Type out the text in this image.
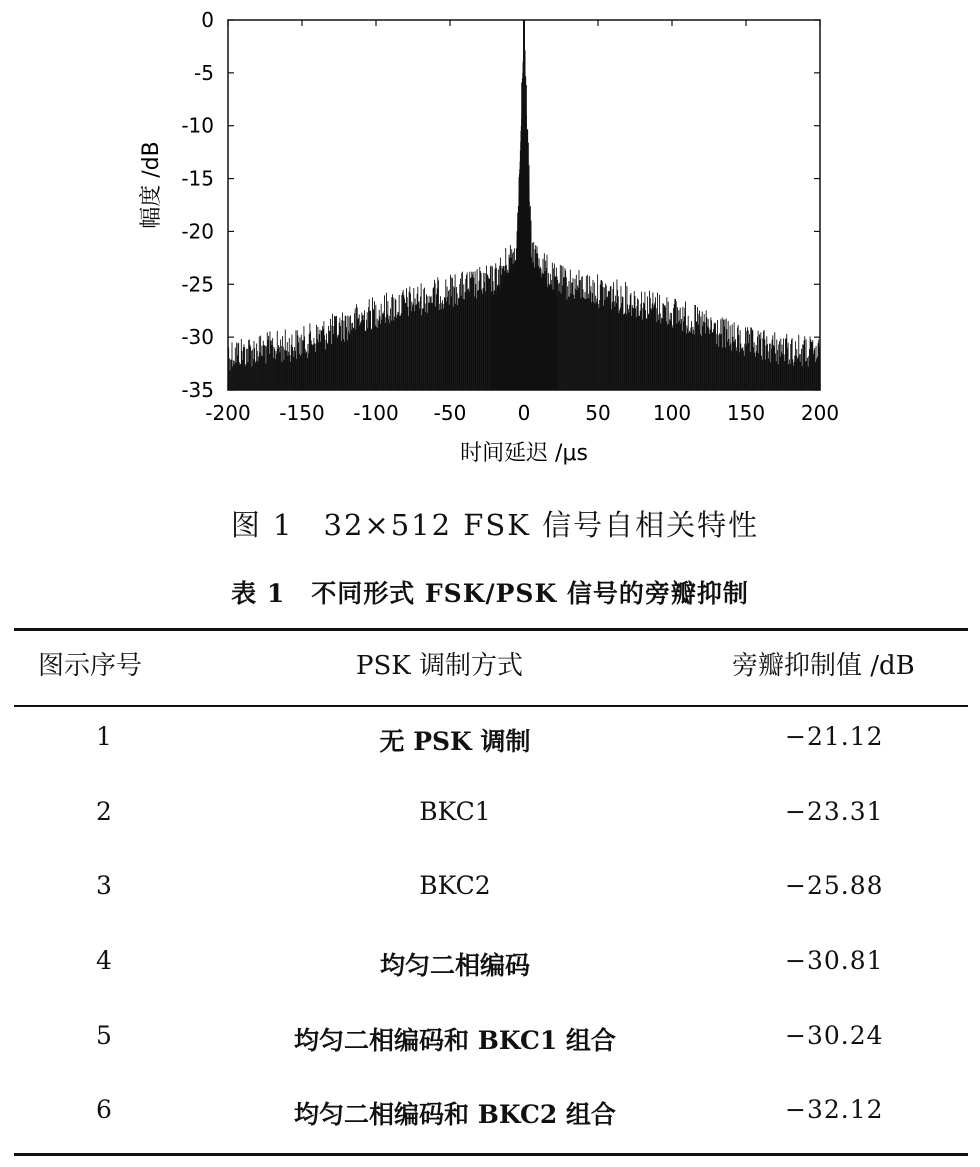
0
-5
-10
-15
-20
-25
-30
-35
-200 -150 -100 -50	0	50 100 150 200
幅度 /dB
时间延迟 /μs
图 1 32×512 FSK 信号自相关特性
表 1 不同形式 FSK/PSK 信号的旁瓣抑制
图示序号	PSK 调制方式	旁瓣抑制值 /dB
1	无 PSK 调制	−21.12
2	BKC1	−23.31
3	BKC2	−25.88
4	均匀二相编码	−30.81
5	均匀二相编码和 BKC1 组合	−30.24
6	均匀二相编码和 BKC2 组合	−32.12
